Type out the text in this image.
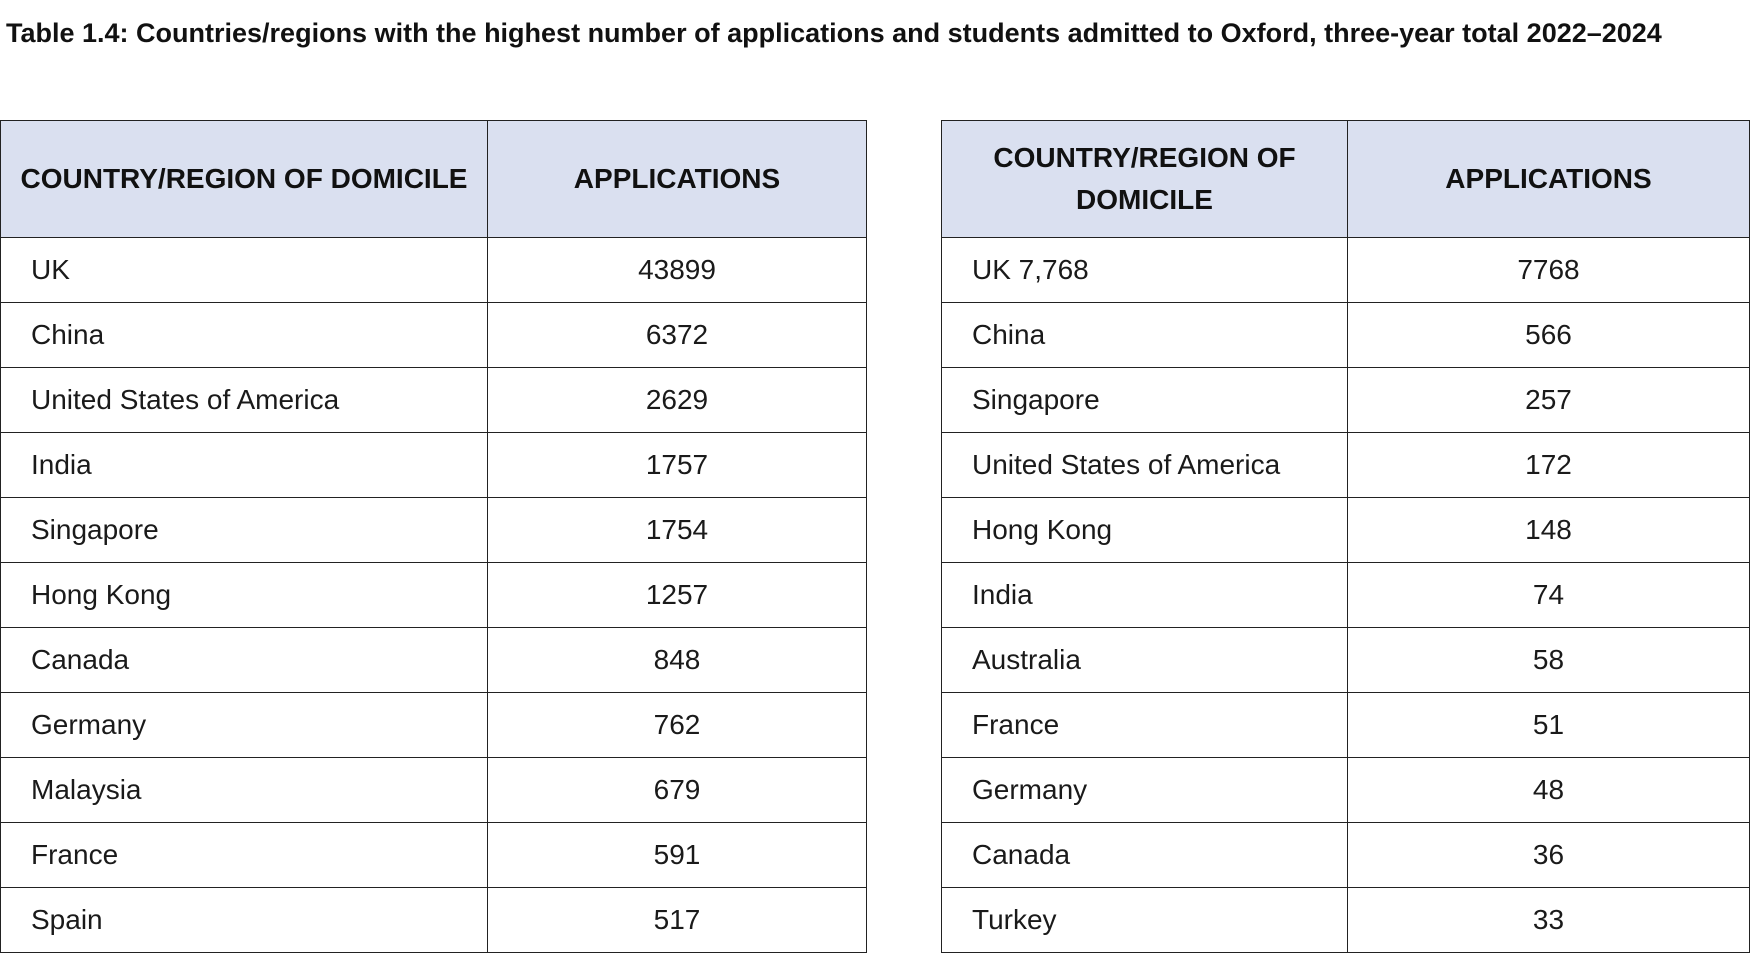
Table 1.4: Countries/regions with the highest number of applications and students admitted to Oxford, three-year total 2022–2024

COUNTRY/REGION OF DOMICILE	APPLICATIONS
UK	43899
China	6372
United States of America	2629
India	1757
Singapore	1754
Hong Kong	1257
Canada	848
Germany	762
Malaysia	679
France	591
Spain	517
COUNTRY/REGION OF DOMICILE	APPLICATIONS
UK 7,768	7768
China	566
Singapore	257
United States of America	172
Hong Kong	148
India	74
Australia	58
France	51
Germany	48
Canada	36
Turkey	33
